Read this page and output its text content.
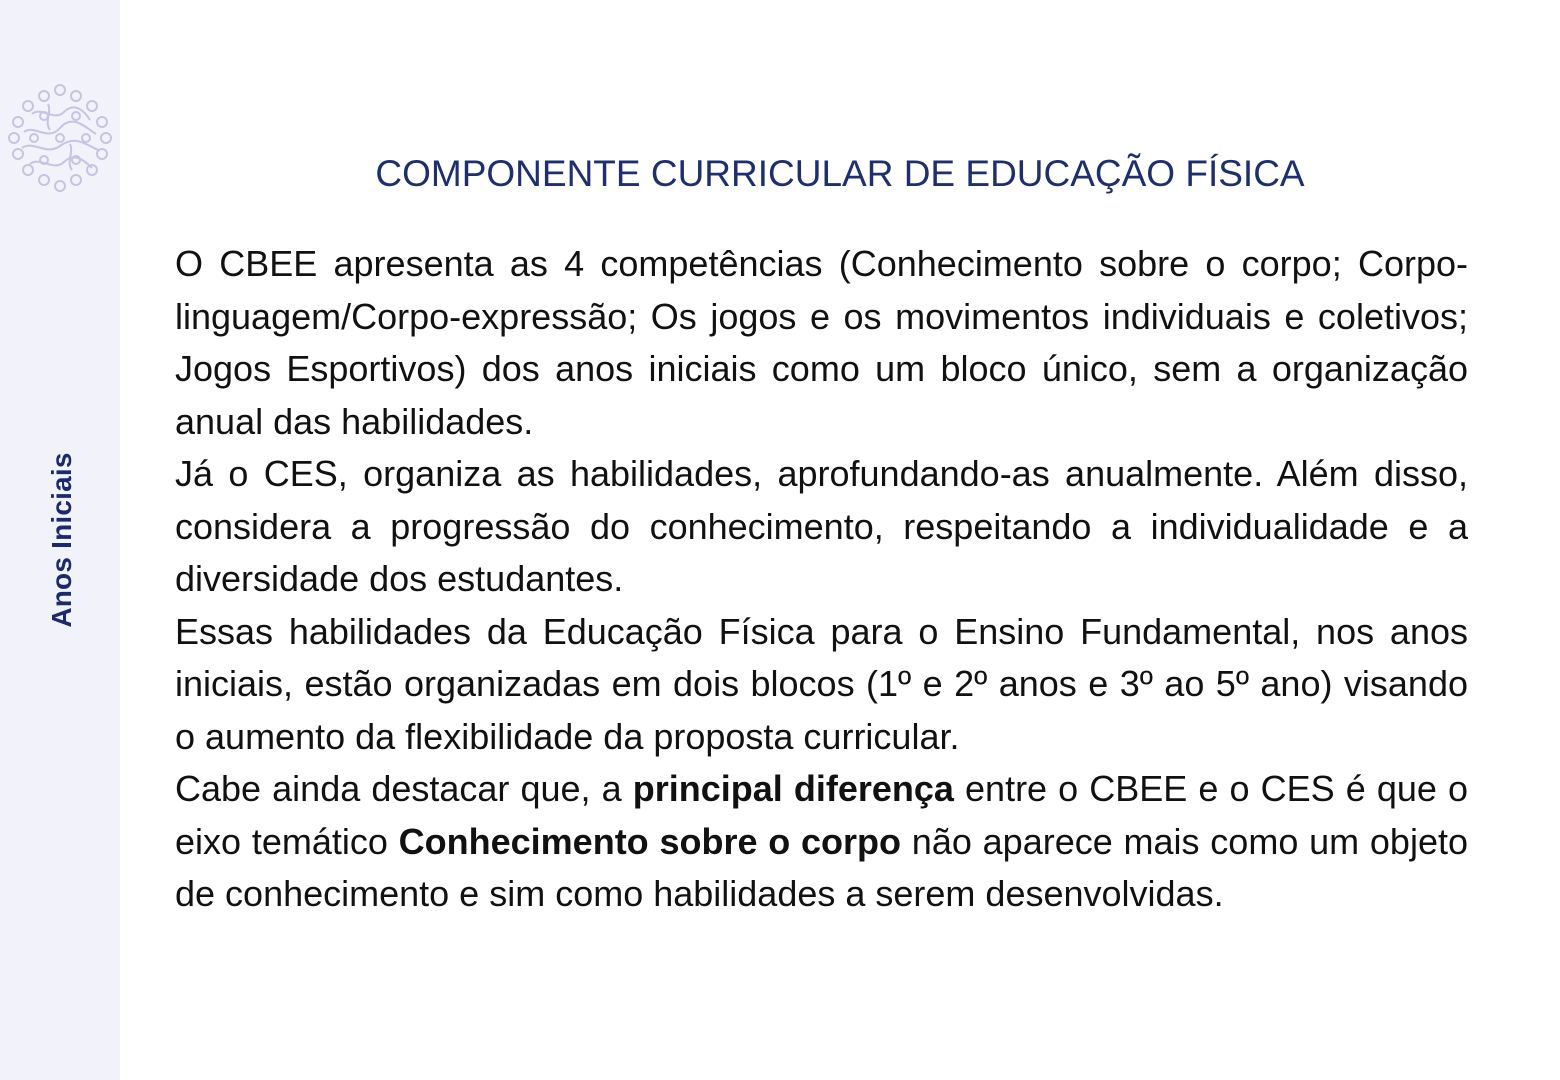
Anos Iniciais
COMPONENTE CURRICULAR DE EDUCAÇÃO FÍSICA

O CBEE apresenta as 4 competências (Conhecimento sobre o corpo; Corpo-linguagem/Corpo-expressão; Os jogos e os movimentos individuais e coletivos; Jogos Esportivos) dos anos iniciais como um bloco único, sem a organização anual das habilidades.

Já o CES, organiza as habilidades, aprofundando-as anualmente. Além disso, considera a progressão do conhecimento, respeitando a individualidade e a diversidade dos estudantes.

Essas habilidades da Educação Física para o Ensino Fundamental, nos anos iniciais, estão organizadas em dois blocos (1º e 2º anos e 3º ao 5º ano) visando o aumento da flexibilidade da proposta curricular.

Cabe ainda destacar que, a principal diferença entre o CBEE e o CES é que o eixo temático Conhecimento sobre o corpo não aparece mais como um objeto de conhecimento e sim como habilidades a serem desenvolvidas.
